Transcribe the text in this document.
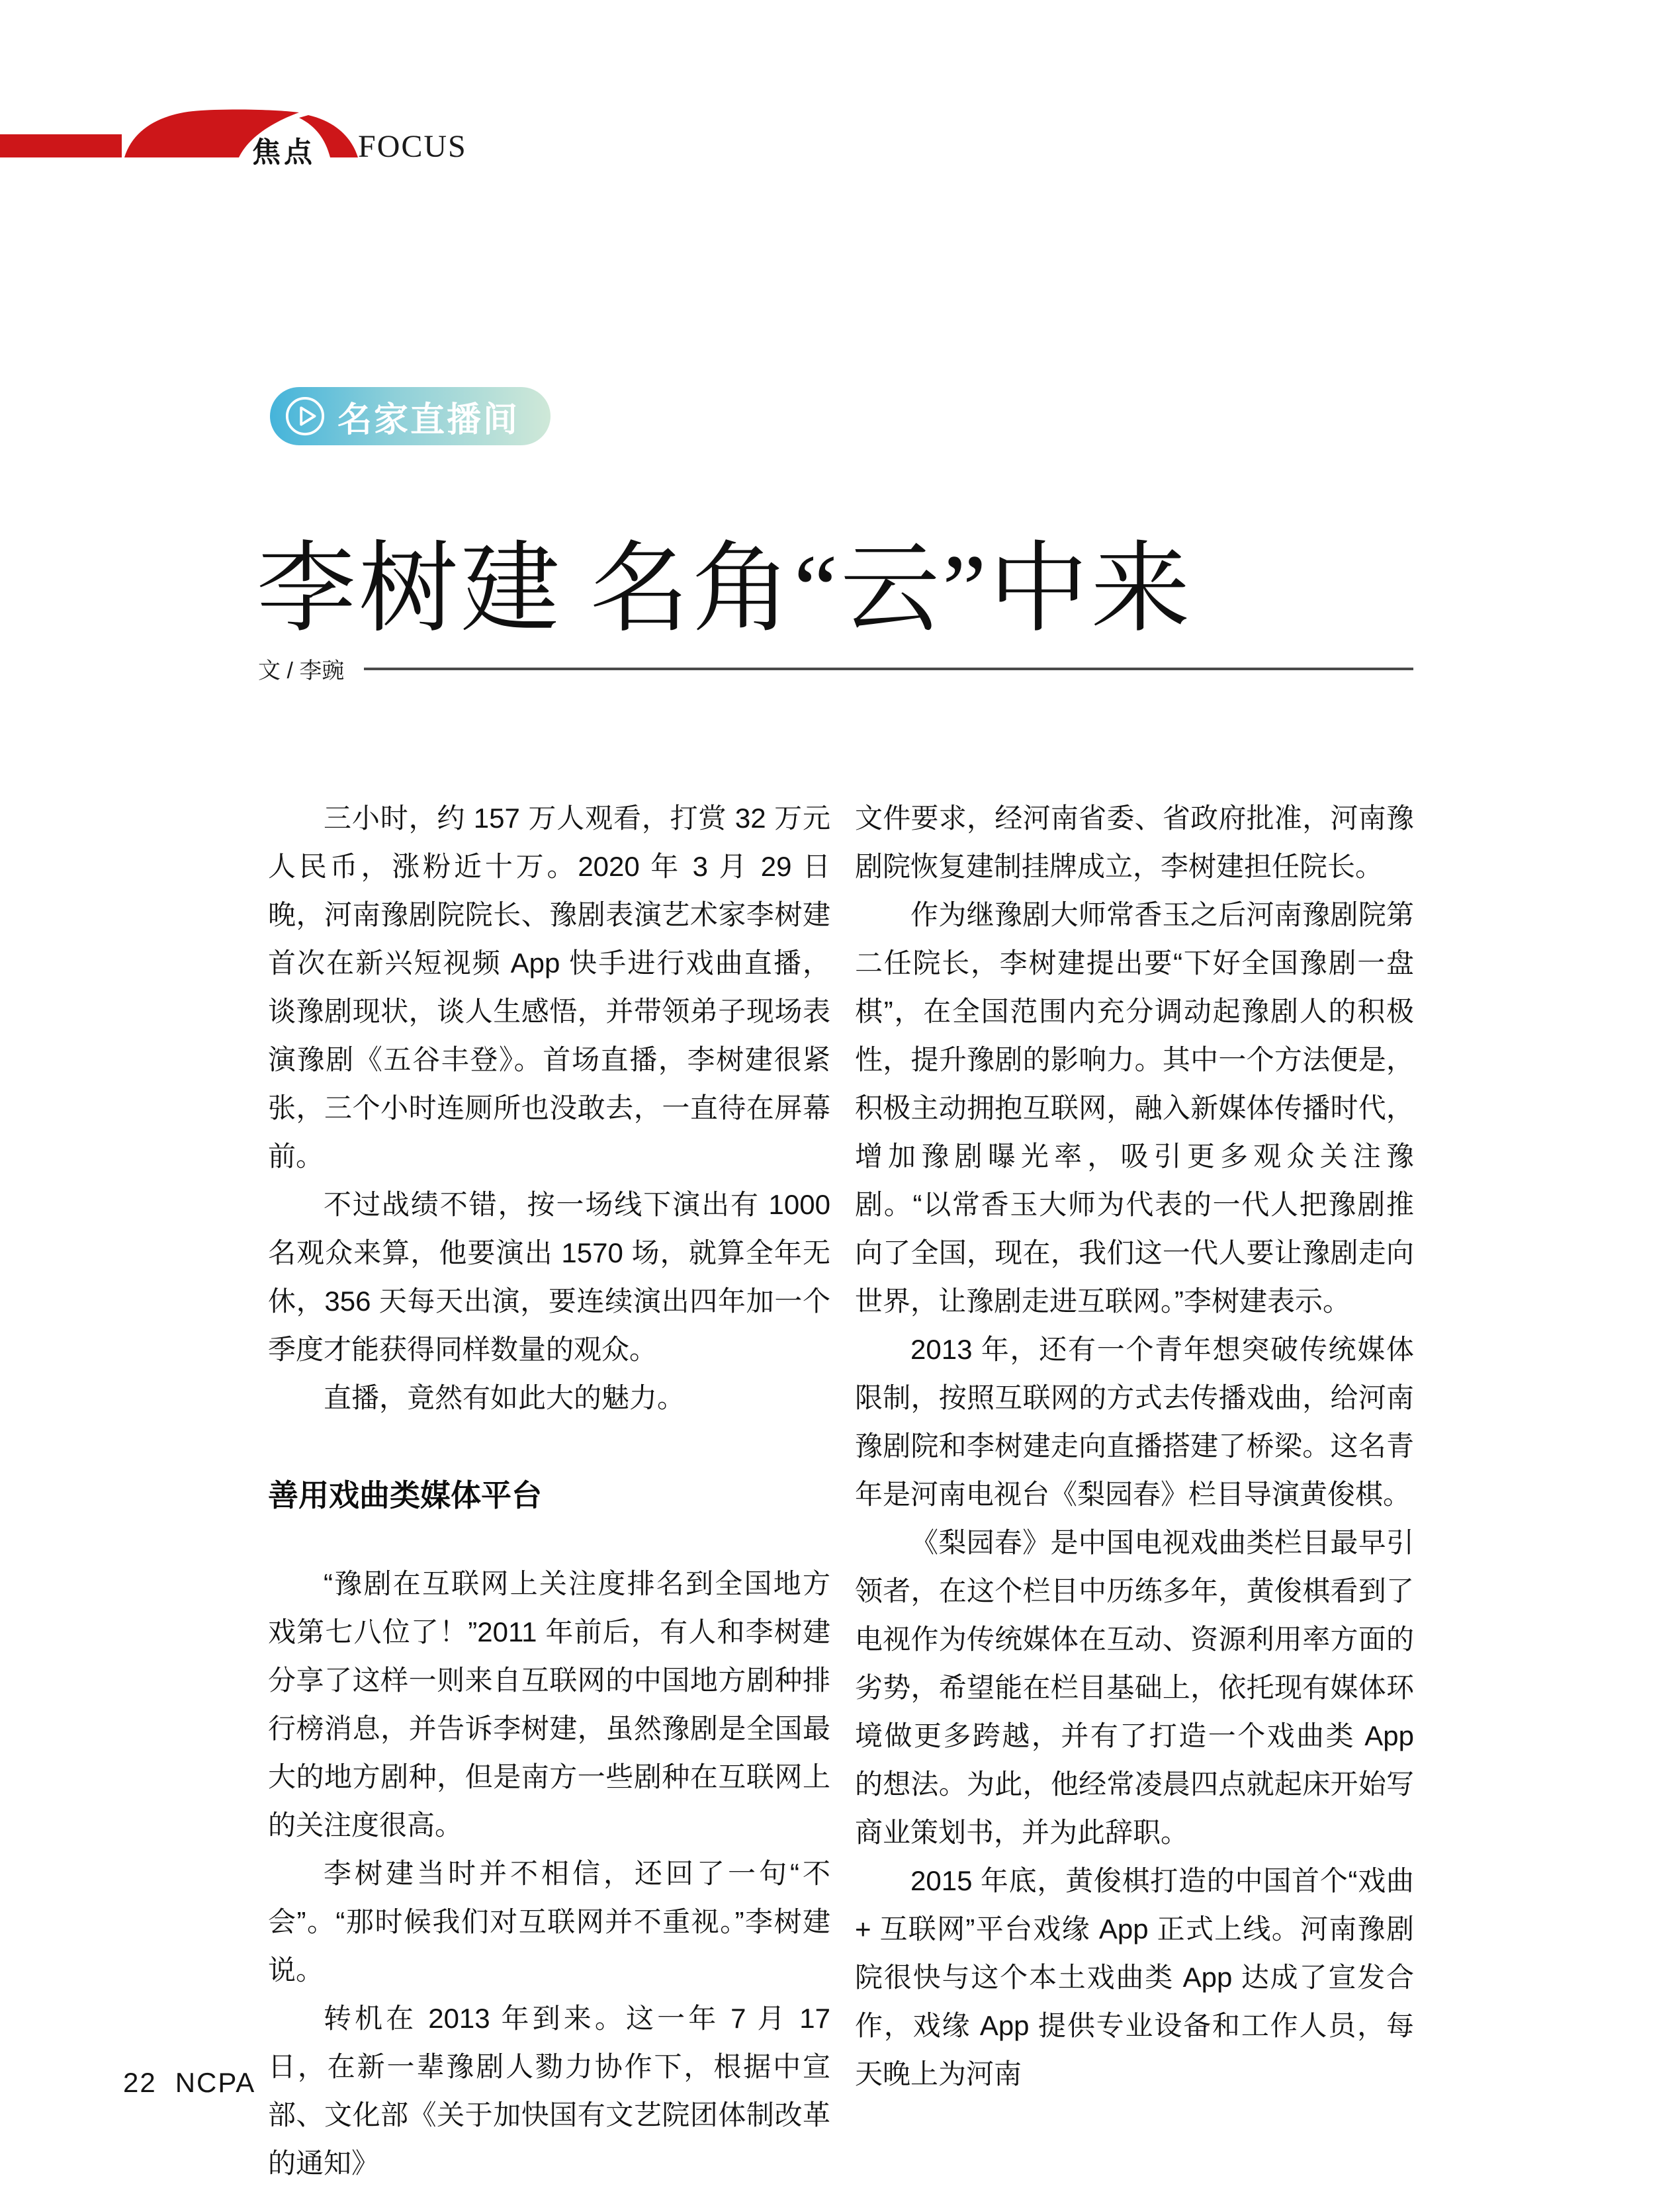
焦点 FOCUS
名家直播间
李树建 名角“云”中来
文 / 李豌

三小时，约 157 万人观看，打赏 32 万元人民币，涨粉近十万。2020 年 3 月 29 日晚，河南豫剧院院长、豫剧表演艺术家李树建首次在新兴短视频 App 快手进行戏曲直播，谈豫剧现状，谈人生感悟，并带领弟子现场表演豫剧《五谷丰登》。首场直播，李树建很紧张，三个小时连厕所也没敢去，一直待在屏幕前。

不过战绩不错，按一场线下演出有 1000 名观众来算，他要演出 1570 场，就算全年无休，356 天每天出演，要连续演出四年加一个季度才能获得同样数量的观众。

直播，竟然有如此大的魅力。

善用戏曲类媒体平台

“豫剧在互联网上关注度排名到全国地方戏第七八位了！”2011 年前后，有人和李树建分享了这样一则来自互联网的中国地方剧种排行榜消息，并告诉李树建，虽然豫剧是全国最大的地方剧种，但是南方一些剧种在互联网上的关注度很高。

李树建当时并不相信，还回了一句“不会”。“那时候我们对互联网并不重视。”李树建说。

转机在 2013 年到来。这一年 7 月 17 日，在新一辈豫剧人勠力协作下，根据中宣部、文化部《关于加快国有文艺院团体制改革的通知》

文件要求，经河南省委、省政府批准，河南豫剧院恢复建制挂牌成立，李树建担任院长。

作为继豫剧大师常香玉之后河南豫剧院第二任院长，李树建提出要“下好全国豫剧一盘棋”，在全国范围内充分调动起豫剧人的积极性，提升豫剧的影响力。其中一个方法便是，积极主动拥抱互联网，融入新媒体传播时代，增加豫剧曝光率，吸引更多观众关注豫剧。“以常香玉大师为代表的一代人把豫剧推向了全国，现在，我们这一代人要让豫剧走向世界，让豫剧走进互联网。”李树建表示。

2013 年，还有一个青年想突破传统媒体限制，按照互联网的方式去传播戏曲，给河南豫剧院和李树建走向直播搭建了桥梁。这名青年是河南电视台《梨园春》栏目导演黄俊棋。

《梨园春》是中国电视戏曲类栏目最早引领者，在这个栏目中历练多年，黄俊棋看到了电视作为传统媒体在互动、资源利用率方面的劣势，希望能在栏目基础上，依托现有媒体环境做更多跨越，并有了打造一个戏曲类 App 的想法。为此，他经常凌晨四点就起床开始写商业策划书，并为此辞职。

2015 年底，黄俊棋打造的中国首个“戏曲 + 互联网”平台戏缘 App 正式上线。河南豫剧院很快与这个本土戏曲类 App 达成了宣发合作，戏缘 App 提供专业设备和工作人员，每天晚上为河南

22 NCPA
